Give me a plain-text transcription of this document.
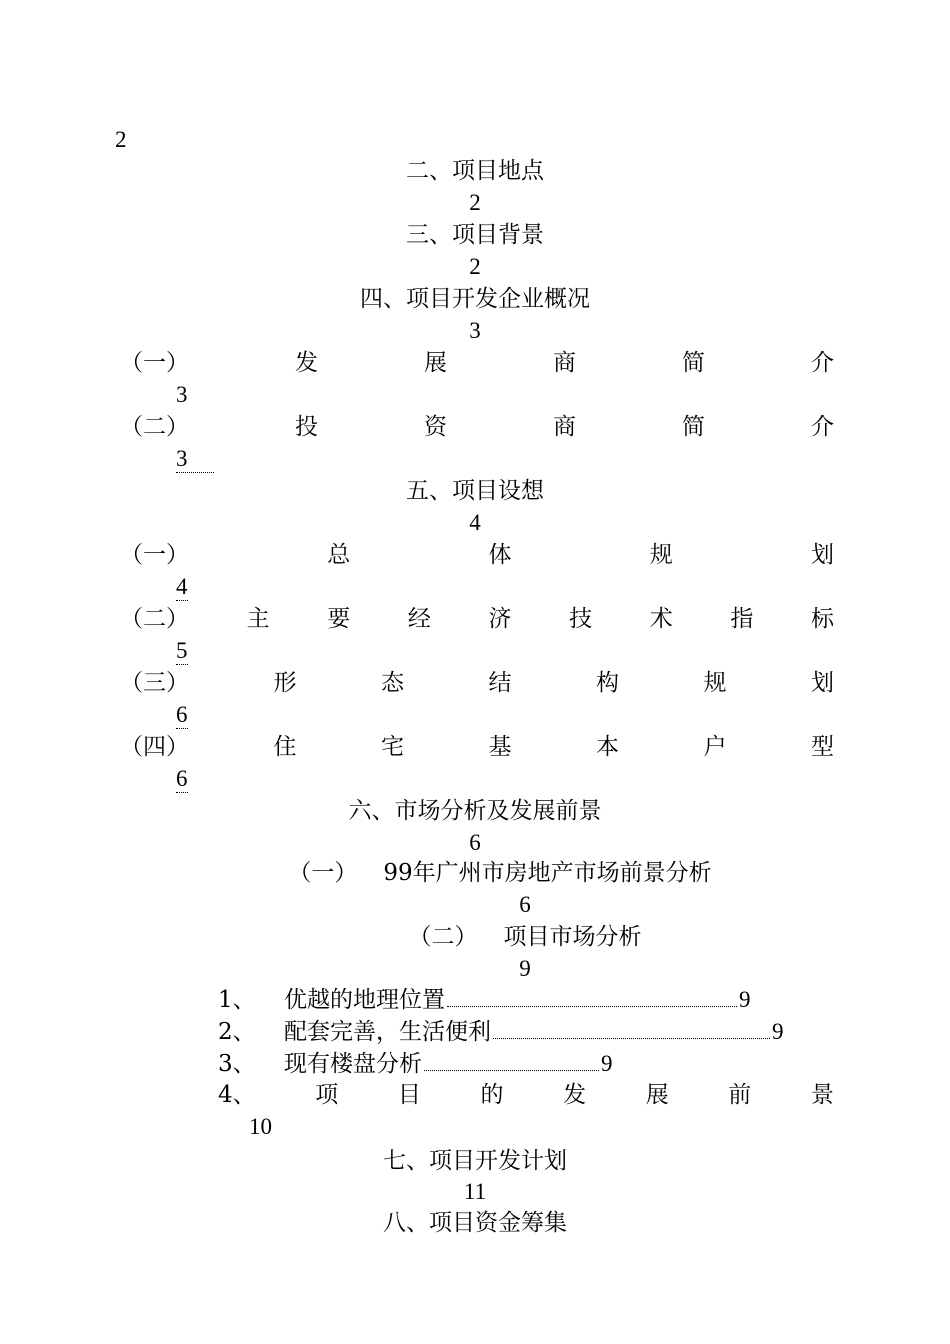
2
二、项目地点
2
三、项目背景
2
四、项目开发企业概况
3
（一）	发	展	商	简	介
3
（二）	投	资	商	简	介
3
五、项目设想
4
（一）	总	体	规	划
4
（二）	主	要	经	济	技	术	指	标
5
（三）	形	态	结	构	规	划
6
（四）	住	宅	基	本	户	型
6
六、市场分析及发展前景
6
（一） 99年广州市房地产市场前景分析
6
（二） 项目市场分析
9
1、 优越的地理位置	9
2、 配套完善，生活便利	9
3、 现有楼盘分析	9
4、	项	目	的	发	展	前	景
10
七、项目开发计划
11
八、项目资金筹集
